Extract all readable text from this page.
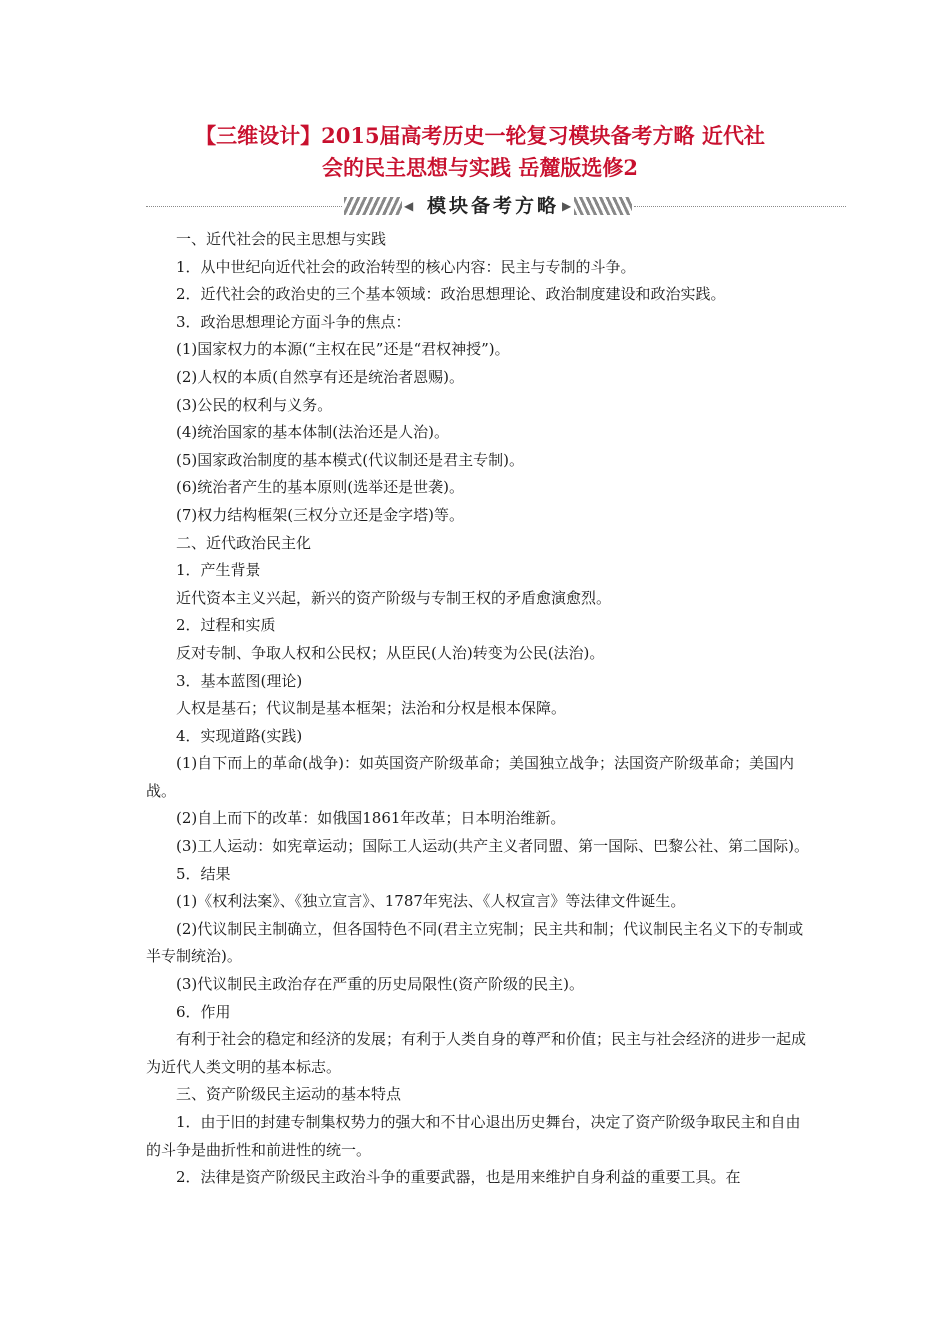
【三维设计】2015届高考历史一轮复习模块备考方略 近代社
会的民主思想与实践 岳麓版选修2
◀ 模块备考方略 ▶

一、近代社会的民主思想与实践

1．从中世纪向近代社会的政治转型的核心内容：民主与专制的斗争。

2．近代社会的政治史的三个基本领域：政治思想理论、政治制度建设和政治实践。

3．政治思想理论方面斗争的焦点：

(1)国家权力的本源(“主权在民”还是“君权神授”)。

(2)人权的本质(自然享有还是统治者恩赐)。

(3)公民的权利与义务。

(4)统治国家的基本体制(法治还是人治)。

(5)国家政治制度的基本模式(代议制还是君主专制)。

(6)统治者产生的基本原则(选举还是世袭)。

(7)权力结构框架(三权分立还是金字塔)等。

二、近代政治民主化

1．产生背景

近代资本主义兴起，新兴的资产阶级与专制王权的矛盾愈演愈烈。

2．过程和实质

反对专制、争取人权和公民权；从臣民(人治)转变为公民(法治)。

3．基本蓝图(理论)

人权是基石；代议制是基本框架；法治和分权是根本保障。

4．实现道路(实践)

(1)自下而上的革命(战争)：如英国资产阶级革命；美国独立战争；法国资产阶级革命；美国内战。

(2)自上而下的改革：如俄国1861年改革；日本明治维新。

(3)工人运动：如宪章运动；国际工人运动(共产主义者同盟、第一国际、巴黎公社、第二国际)。

5．结果

(1)《权利法案》、《独立宣言》、1787年宪法、《人权宣言》等法律文件诞生。

(2)代议制民主制确立，但各国特色不同(君主立宪制；民主共和制；代议制民主名义下的专制或半专制统治)。

(3)代议制民主政治存在严重的历史局限性(资产阶级的民主)。

6．作用

有利于社会的稳定和经济的发展；有利于人类自身的尊严和价值；民主与社会经济的进步一起成为近代人类文明的基本标志。

三、资产阶级民主运动的基本特点

1．由于旧的封建专制集权势力的强大和不甘心退出历史舞台，决定了资产阶级争取民主和自由的斗争是曲折性和前进性的统一。

2．法律是资产阶级民主政治斗争的重要武器，也是用来维护自身利益的重要工具。在
